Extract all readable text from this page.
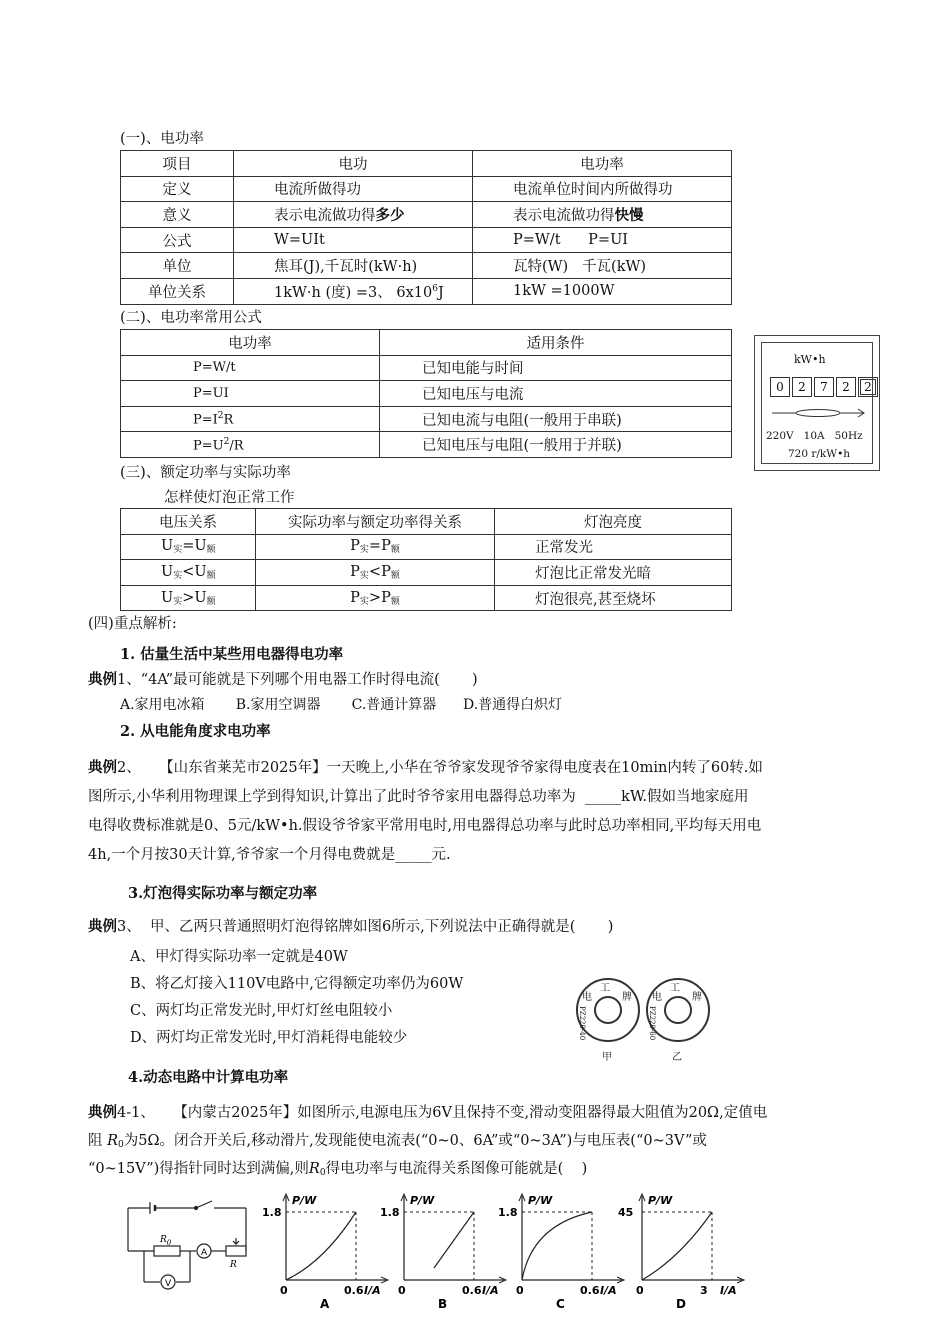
(一)、电功率
项目	电功	电功率
定义	电流所做得功	电流单位时间内所做得功
意义	表示电流做功得多少	表示电流做功得快慢
公式	W=UIt	P=W/t      P=UI
单位	焦耳(J),千瓦时(kW·h)	瓦特(W)   千瓦(kW)
单位关系	1kW·h (度) =3、 $6x10^6J$	1kW =1000W
(二)、电功率常用公式
电功率	适用条件
P=W/t	已知电能与时间
P=UI	已知电压与电流
$P=I^2R$	已知电流与电阻(一般用于串联)
$P=U^2/R$	已知电压与电阻(一般用于并联)
kW•h
0	2	7	2	2
220V   10A   50Hz
720 r/kW•h
(三)、额定功率与实际功率
怎样使灯泡正常工作
电压关系	实际功率与额定功率得关系	灯泡亮度
$U_实=U_额$	$P_实=P_额$	正常发光
$U_实<U_额$	$P_实<P_额$	灯泡比正常发光暗
$U_实>U_额$	$P_实>P_额$	灯泡很亮,甚至烧坏
(四)重点解析:
1. 估量生活中某些用电器得电功率
典例1、“4A”最可能就是下列哪个用电器工作时得电流(       )
A.家用电冰箱       B.家用空调器       C.普通计算器      D.普通得白炽灯
2. 从电能角度求电功率
典例2、    【山东省莱芜市2025年】一天晚上,小华在爷爷家发现爷爷家得电度表在10min内转了60转.如
图所示,小华利用物理课上学到得知识,计算出了此时爷爷家用电器得总功率为  _____kW.假如当地家庭用
电得收费标准就是0、5元/kW•h.假设爷爷家平常用电时,用电器得总功率与此时总功率相同,平均每天用电
4h,一个月按30天计算,爷爷家一个月得电费就是_____元.
3.灯泡得实际功率与额定功率
典例3、  甲、乙两只普通照明灯泡得铭牌如图6所示,下列说法中正确得就是(       )
A、甲灯得实际功率一定就是40W
B、将乙灯接入110V电路中,它得额定功率仍为60W
C、两灯均正常发光时,甲灯灯丝电阻较小
D、两灯均正常发光时,甲灯消耗得电能较少
工
电	牌
PZ220-40
甲
工
电	牌
PZ220-60
乙
4.动态电路中计算电功率
典例4-1、    【内蒙古2025年】如图所示,电源电压为6V且保持不变,滑动变阻器得最大阻值为20Ω,定值电
阻 $R_0$为5Ω。闭合开关后,移动滑片,发现能使电流表(“0~0、6A”或“0~3A”)与电压表(“0~3V”或
“0~15V”)得指针同时达到满偏,则$R_0$得电功率与电流得关系图像可能就是(    )
$R_0$
A
V
R
P/W
1.8
0	0.6 I/A
A
P/W
1.8
0	0.6 I/A
B
P/W
1.8
0	0.6 I/A
C
P/W
45
0	3 I/A
D
